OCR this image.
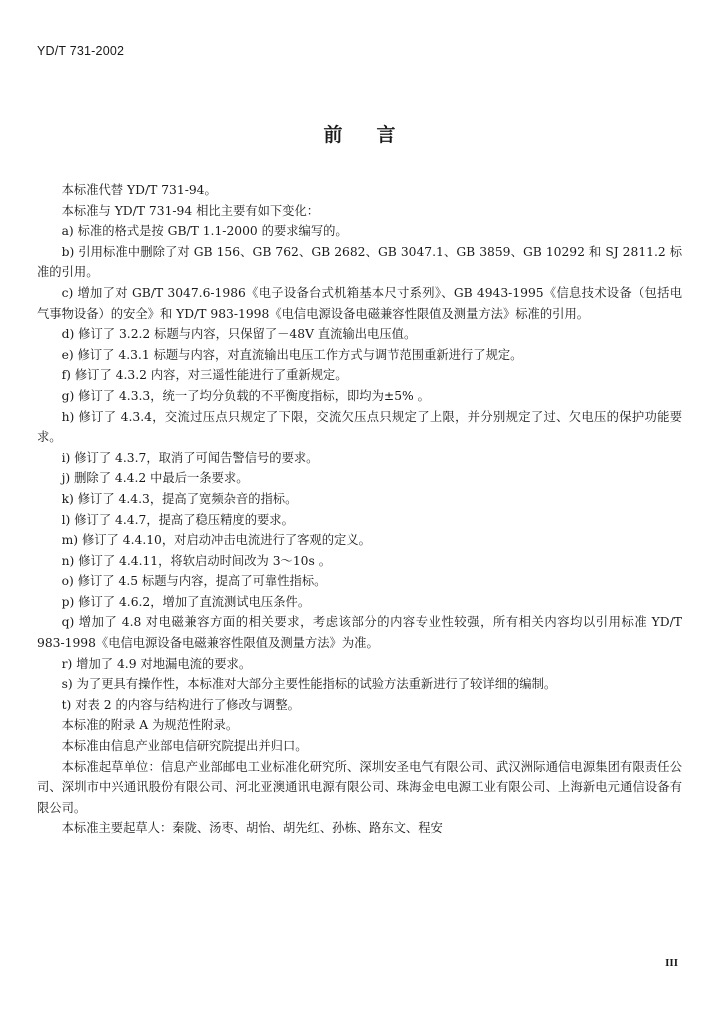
YD/T 731-2002
前言

本标准代替 YD/T 731-94。

本标准与 YD/T 731-94 相比主要有如下变化：

a) 标准的格式是按 GB/T 1.1-2000 的要求编写的。

b) 引用标准中删除了对 GB 156、GB 762、GB 2682、GB 3047.1、GB 3859、GB 10292 和 SJ 2811.2 标准的引用。

c) 增加了对 GB/T 3047.6-1986《电子设备台式机箱基本尺寸系列》、GB 4943-1995《信息技术设备（包括电气事物设备）的安全》和 YD/T 983-1998《电信电源设备电磁兼容性限值及测量方法》标准的引用。

d) 修订了 3.2.2 标题与内容，只保留了－48V 直流输出电压值。

e) 修订了 4.3.1 标题与内容，对直流输出电压工作方式与调节范围重新进行了规定。

f) 修订了 4.3.2 内容，对三遥性能进行了重新规定。

g) 修订了 4.3.3，统一了均分负载的不平衡度指标，即均为±5% 。

h) 修订了 4.3.4，交流过压点只规定了下限，交流欠压点只规定了上限，并分别规定了过、欠电压的保护功能要求。

i) 修订了 4.3.7，取消了可闻告警信号的要求。

j) 删除了 4.4.2 中最后一条要求。

k) 修订了 4.4.3，提高了宽频杂音的指标。

l) 修订了 4.4.7，提高了稳压精度的要求。

m) 修订了 4.4.10，对启动冲击电流进行了客观的定义。

n) 修订了 4.4.11，将软启动时间改为 3～10s 。

o) 修订了 4.5 标题与内容，提高了可靠性指标。

p) 修订了 4.6.2，增加了直流测试电压条件。

q) 增加了 4.8 对电磁兼容方面的相关要求，考虑该部分的内容专业性较强，所有相关内容均以引用标准 YD/T 983-1998《电信电源设备电磁兼容性限值及测量方法》为准。

r) 增加了 4.9 对地漏电流的要求。

s) 为了更具有操作性，本标准对大部分主要性能指标的试验方法重新进行了较详细的编制。

t) 对表 2 的内容与结构进行了修改与调整。

本标准的附录 A 为规范性附录。

本标准由信息产业部电信研究院提出并归口。

本标准起草单位：信息产业部邮电工业标准化研究所、深圳安圣电气有限公司、武汉洲际通信电源集团有限责任公司、深圳市中兴通讯股份有限公司、河北亚澳通讯电源有限公司、珠海金电电源工业有限公司、上海新电元通信设备有限公司。

本标准主要起草人：秦陇、汤枣、胡怡、胡先红、孙栋、路东文、程安

III
